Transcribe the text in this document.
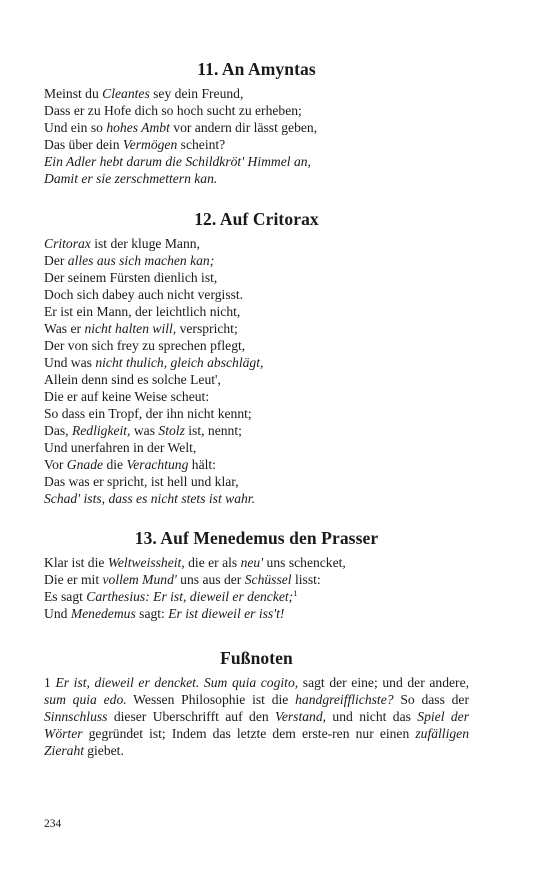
11. An Amyntas
Meinst du Cleantes sey dein Freund,
Dass er zu Hofe dich so hoch sucht zu erheben;
Und ein so hohes Ambt vor andern dir lässt geben,
Das über dein Vermögen scheint?
Ein Adler hebt darum die Schildkröt' Himmel an,
Damit er sie zerschmettern kan.
12. Auf Critorax
Critorax ist der kluge Mann,
Der alles aus sich machen kan;
Der seinem Fürsten dienlich ist,
Doch sich dabey auch nicht vergisst.
Er ist ein Mann, der leichtlich nicht,
Was er nicht halten will, verspricht;
Der von sich frey zu sprechen pflegt,
Und was nicht thulich, gleich abschlägt,
Allein denn sind es solche Leut',
Die er auf keine Weise scheut:
So dass ein Tropf, der ihn nicht kennt;
Das, Redligkeit, was Stolz ist, nennt;
Und unerfahren in der Welt,
Vor Gnade die Verachtung hält:
Das was er spricht, ist hell und klar,
Schad' ists, dass es nicht stets ist wahr.
13. Auf Menedemus den Prasser
Klar ist die Weltweissheit, die er als neu' uns schencket,
Die er mit vollem Mund' uns aus der Schüssel lisst:
Es sagt Carthesius: Er ist, dieweil er dencket;$^1$
Und Menedemus sagt: Er ist dieweil er iss't!
Fußnoten
1 Er ist, dieweil er dencket. Sum quia cogito, sagt der eine; und der andere, sum quia edo. Wessen Philosophie ist die handgreifflichste? So dass der Sinnschluss dieser Uberschrifft auf den Verstand, und nicht das Spiel der Wörter gegründet ist; Indem das letzte dem erste-ren nur einen zufälligen Zieraht giebet.
234
